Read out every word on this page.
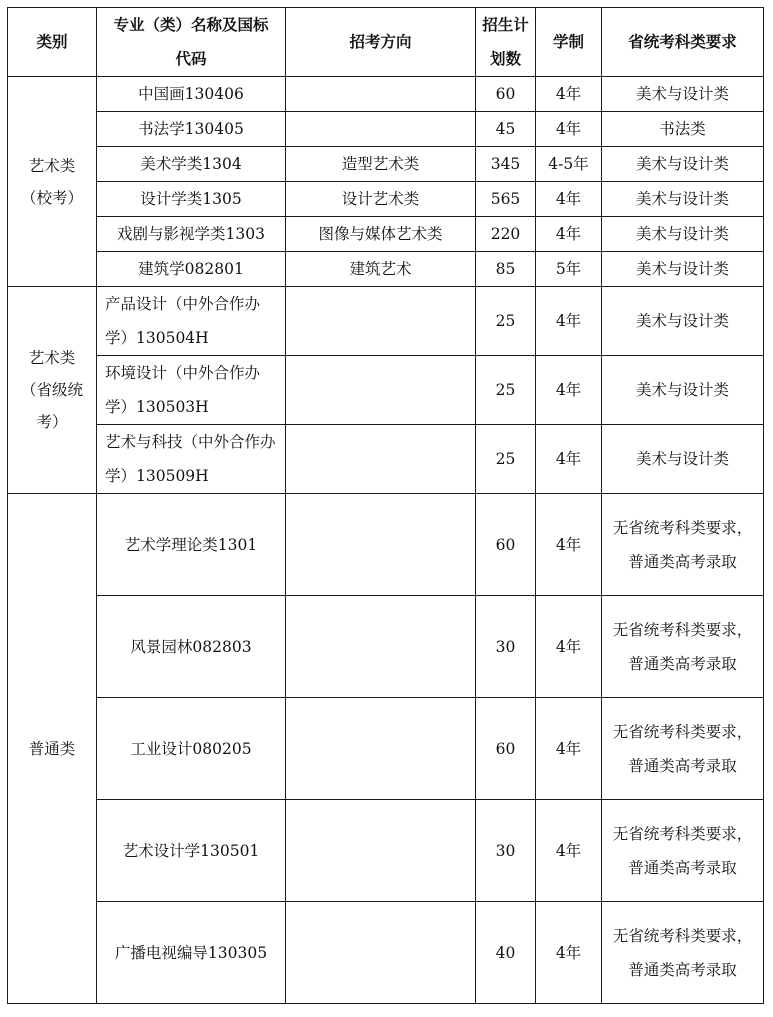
类别	专业（类）名称及国标代码	招考方向	招生计划数	学制	省统考科类要求

艺术类（校考）	中国画130406		60	4年	美术与设计类
	书法学130405		45	4年	书法类
	美术学类1304	造型艺术类	345	4-5年	美术与设计类
	设计学类1305	设计艺术类	565	4年	美术与设计类
	戏剧与影视学类1303	图像与媒体艺术类	220	4年	美术与设计类
	建筑学082801	建筑艺术	85	5年	美术与设计类

艺术类（省级统考）	产品设计（中外合作办学）130504H		25	4年	美术与设计类

	环境设计（中外合作办学）130503H		25	4年	美术与设计类

	艺术与科技（中外合作办学）130509H		25	4年	美术与设计类

普通类	艺术学理论类1301		60	4年	无省统考科类要求，普通类高考录取

	风景园林082803		30	4年	无省统考科类要求，普通类高考录取

	工业设计080205		60	4年	无省统考科类要求，普通类高考录取

	艺术设计学130501		30	4年	无省统考科类要求，普通类高考录取

	广播电视编导130305		40	4年	无省统考科类要求，普通类高考录取
